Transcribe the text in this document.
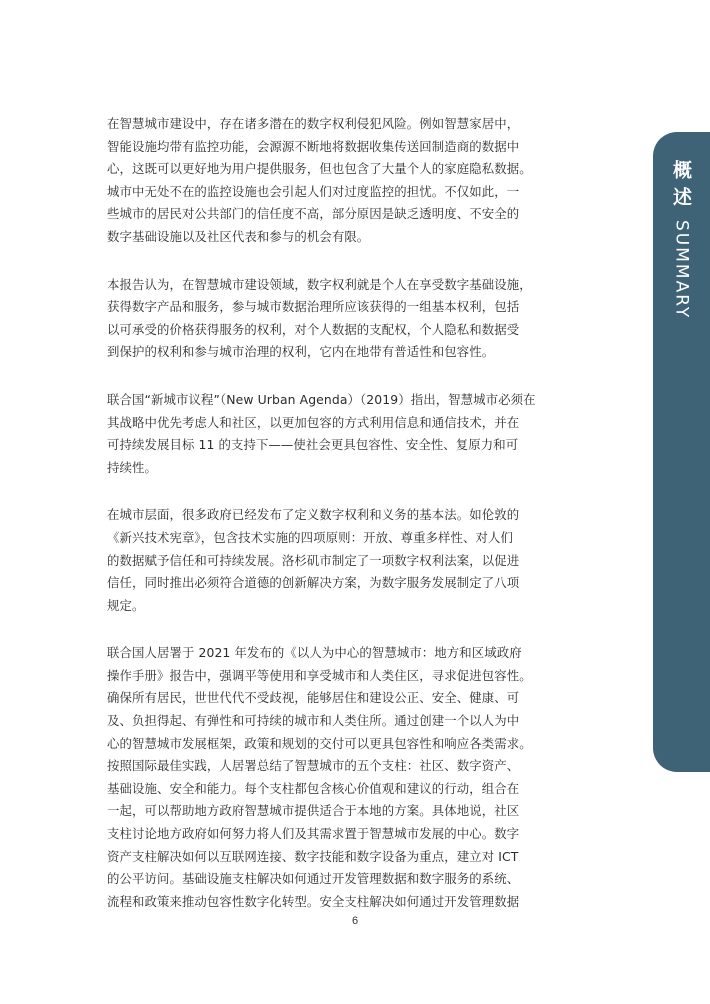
概述
SUMMARY

在智慧城市建设中，存在诸多潜在的数字权利侵犯风险。例如智慧家居中，
智能设施均带有监控功能，会源源不断地将数据收集传送回制造商的数据中
心，这既可以更好地为用户提供服务，但也包含了大量个人的家庭隐私数据。
城市中无处不在的监控设施也会引起人们对过度监控的担忧。不仅如此，一
些城市的居民对公共部门的信任度不高，部分原因是缺乏透明度、不安全的
数字基础设施以及社区代表和参与的机会有限。

本报告认为，在智慧城市建设领域，数字权利就是个人在享受数字基础设施，
获得数字产品和服务，参与城市数据治理所应该获得的一组基本权利，包括
以可承受的价格获得服务的权利，对个人数据的支配权，个人隐私和数据受
到保护的权利和参与城市治理的权利，它内在地带有普适性和包容性。

联合国“新城市议程”（New Urban Agenda）（2019）指出，智慧城市必须在
其战略中优先考虑人和社区，以更加包容的方式利用信息和通信技术，并在
可持续发展目标 11 的支持下——使社会更具包容性、安全性、复原力和可
持续性。

在城市层面，很多政府已经发布了定义数字权利和义务的基本法。如伦敦的
《新兴技术宪章》，包含技术实施的四项原则：开放、尊重多样性、对人们
的数据赋予信任和可持续发展。洛杉矶市制定了一项数字权利法案，以促进
信任，同时推出必须符合道德的创新解决方案，为数字服务发展制定了八项
规定。

联合国人居署于 2021 年发布的《以人为中心的智慧城市：地方和区域政府
操作手册》报告中，强调平等使用和享受城市和人类住区，寻求促进包容性。
确保所有居民，世世代代不受歧视，能够居住和建设公正、安全、健康、可
及、负担得起、有弹性和可持续的城市和人类住所。通过创建一个以人为中
心的智慧城市发展框架，政策和规划的交付可以更具包容性和响应各类需求。
按照国际最佳实践，人居署总结了智慧城市的五个支柱：社区、数字资产、
基础设施、安全和能力。每个支柱都包含核心价值观和建议的行动，组合在
一起，可以帮助地方政府智慧城市提供适合于本地的方案。具体地说，社区
支柱讨论地方政府如何努力将人们及其需求置于智慧城市发展的中心。数字
资产支柱解决如何以互联网连接、数字技能和数字设备为重点，建立对 ICT
的公平访问。基础设施支柱解决如何通过开发管理数据和数字服务的系统、
流程和政策来推动包容性数字化转型。安全支柱解决如何通过开发管理数据

6
